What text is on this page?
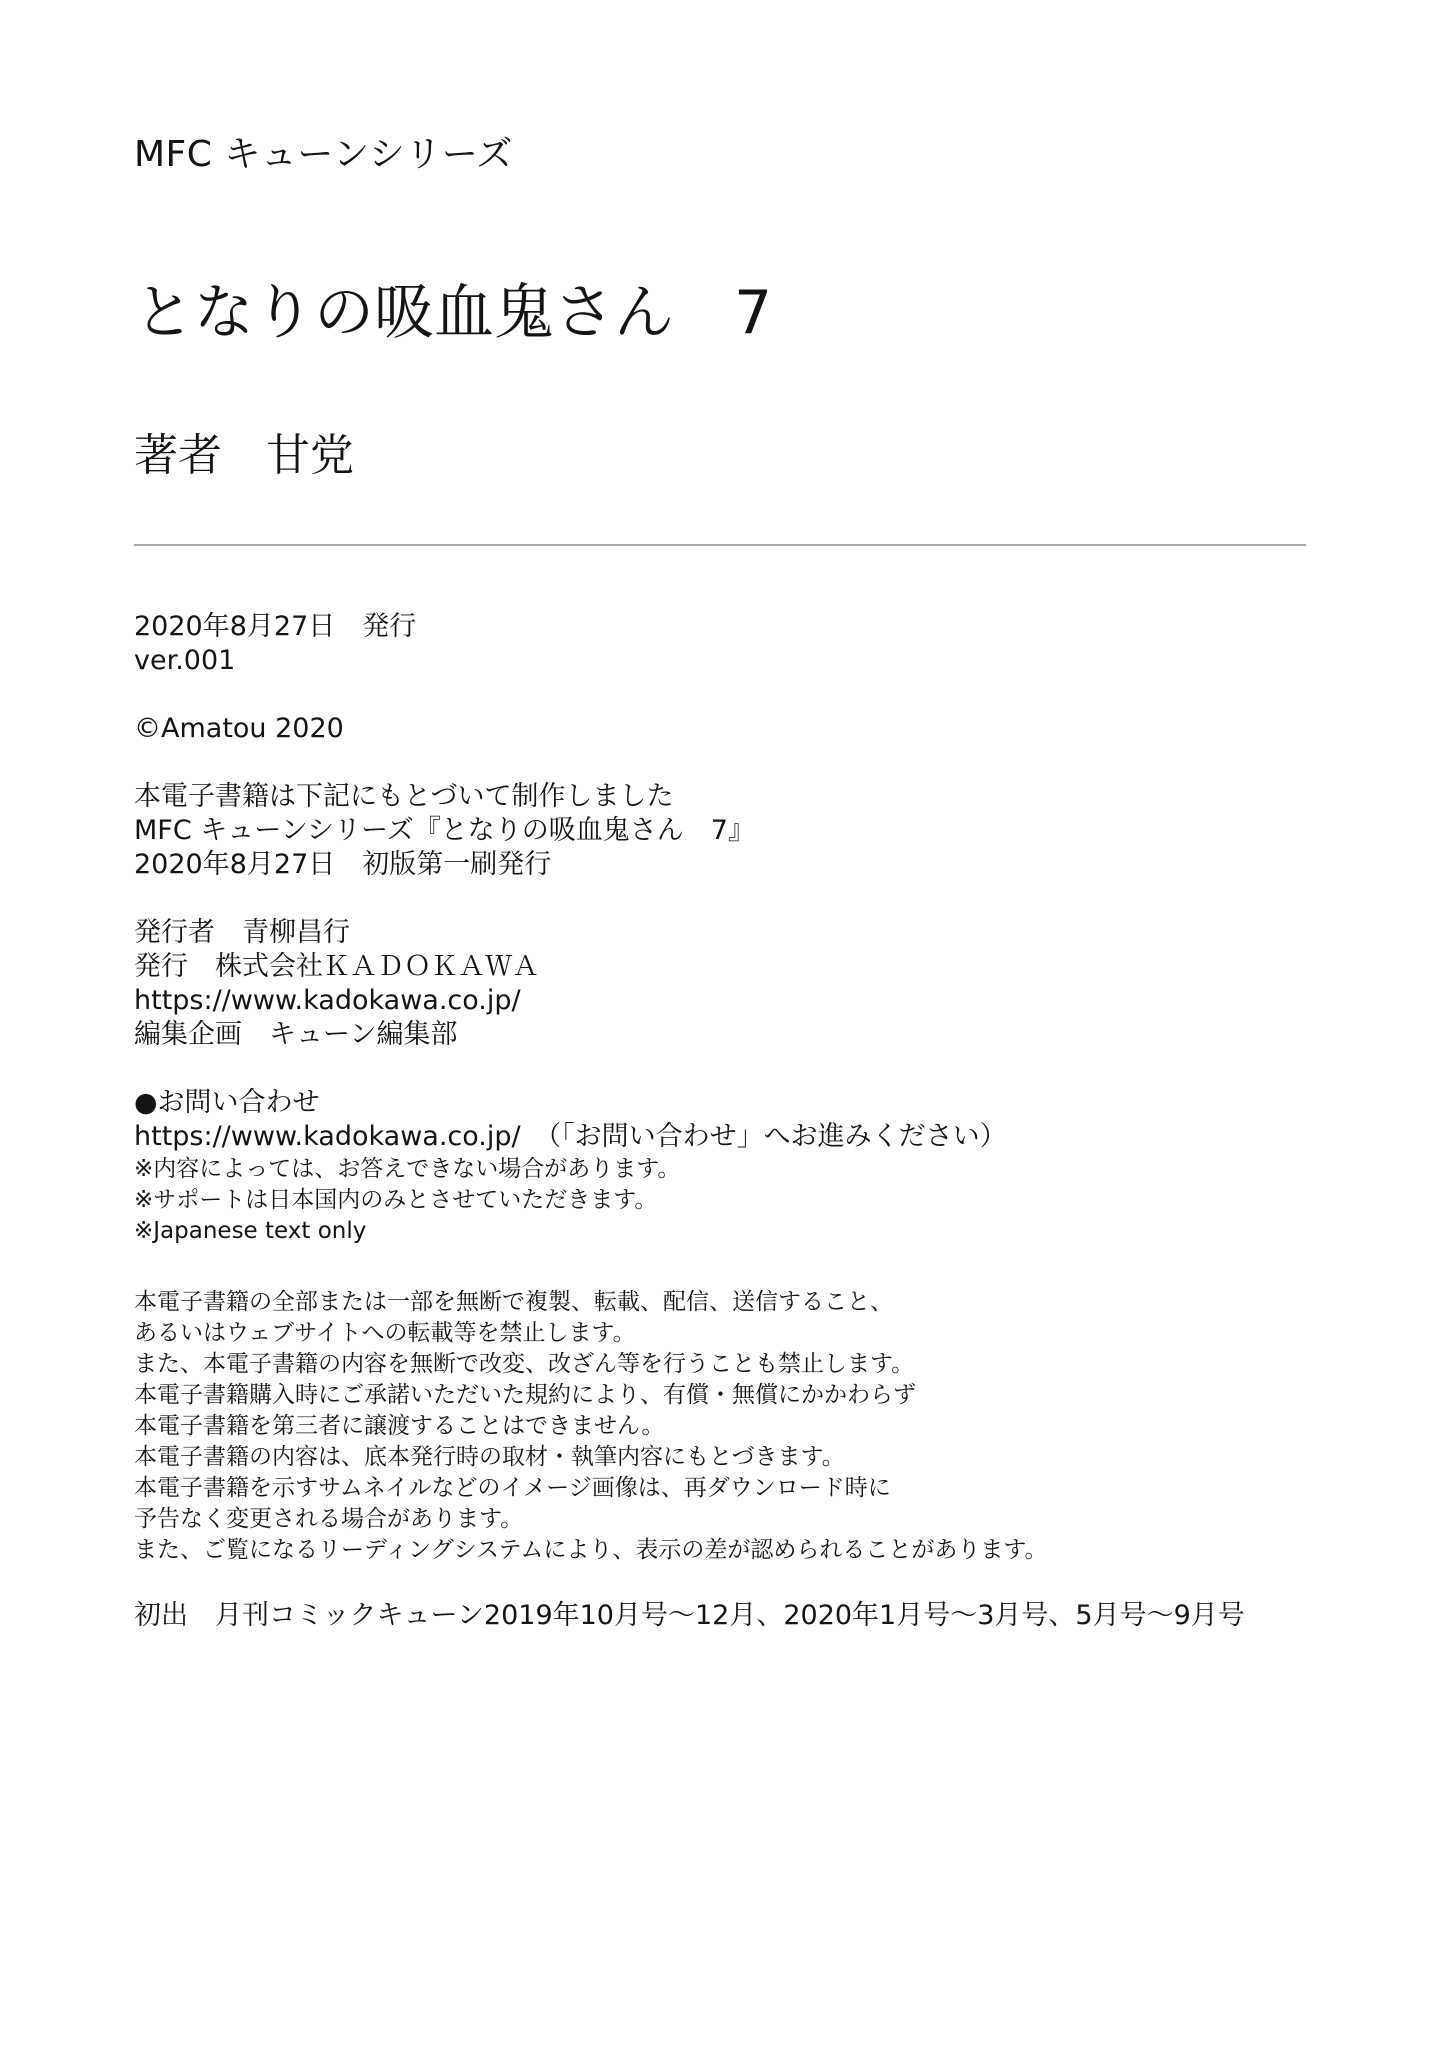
MFC キューンシリーズ
となりの吸血鬼さん　7
著者　甘党
2020年8月27日　発行
ver.001
©Amatou 2020
本電子書籍は下記にもとづいて制作しました
MFC キューンシリーズ『となりの吸血鬼さん　7』
2020年8月27日　初版第一刷発行
発行者　青柳昌行
発行　株式会社ＫＡＤＯＫＡＷＡ
https://www.kadokawa.co.jp/
編集企画　キューン編集部
●お問い合わせ
https://www.kadokawa.co.jp/　（「お問い合わせ」へお進みください）
※内容によっては、お答えできない場合があります。
※サポートは日本国内のみとさせていただきます。
※Japanese text only
本電子書籍の全部または一部を無断で複製、転載、配信、送信すること、
あるいはウェブサイトへの転載等を禁止します。
また、本電子書籍の内容を無断で改変、改ざん等を行うことも禁止します。
本電子書籍購入時にご承諾いただいた規約により、有償・無償にかかわらず
本電子書籍を第三者に譲渡することはできません。
本電子書籍の内容は、底本発行時の取材・執筆内容にもとづきます。
本電子書籍を示すサムネイルなどのイメージ画像は、再ダウンロード時に
予告なく変更される場合があります。
また、ご覧になるリーディングシステムにより、表示の差が認められることがあります。
初出　月刊コミックキューン2019年10月号～12月、2020年1月号～3月号、5月号～9月号
